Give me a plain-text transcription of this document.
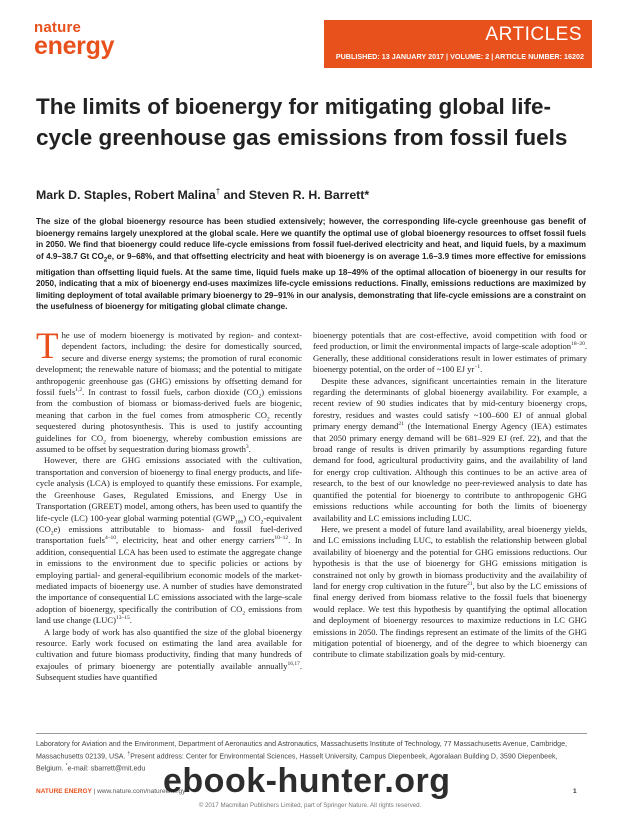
nature
energy	ARTICLES
PUBLISHED: 13 JANUARY 2017 | VOLUME: 2 | ARTICLE NUMBER: 16202
The limits of bioenergy for mitigating global life-cycle greenhouse gas emissions from fossil fuels
Mark D. Staples, Robert Malina† and Steven R. H. Barrett*
The size of the global bioenergy resource has been studied extensively; however, the corresponding life-cycle greenhouse gas benefit of bioenergy remains largely unexplored at the global scale. Here we quantify the optimal use of global bioenergy resources to offset fossil fuels in 2050. We find that bioenergy could reduce life-cycle emissions from fossil fuel-derived electricity and heat, and liquid fuels, by a maximum of 4.9–38.7 Gt $CO_2e$, or 9–68%, and that offsetting electricity and heat with bioenergy is on average 1.6–3.9 times more effective for emissions mitigation than offsetting liquid fuels. At the same time, liquid fuels make up 18–49% of the optimal allocation of bioenergy in our results for 2050, indicating that a mix of bioenergy end-uses maximizes life-cycle emissions reductions. Finally, emissions reductions are maximized by limiting deployment of total available primary bioenergy to 29–91% in our analysis, demonstrating that life-cycle emissions are a constraint on the usefulness of bioenergy for mitigating global climate change.

The use of modern bioenergy is motivated by region- and context-dependent factors, including: the desire for domestically sourced, secure and diverse energy systems; the promotion of rural economic development; the renewable nature of biomass; and the potential to mitigate anthropogenic greenhouse gas (GHG) emissions by offsetting demand for fossil fuels$^{1,2}$. In contrast to fossil fuels, carbon dioxide $(CO_2)$ emissions from the combustion of biomass or biomass-derived fuels are biogenic, meaning that carbon in the fuel comes from atmospheric $CO_2$ recently sequestered during photosynthesis. This is used to justify accounting guidelines for $CO_2$ from bioenergy, whereby combustion emissions are assumed to be offset by sequestration during biomass growth$^3$.

However, there are GHG emissions associated with the cultivation, transportation and conversion of bioenergy to final energy products, and life-cycle analysis (LCA) is employed to quantify these emissions. For example, the Greenhouse Gases, Regulated Emissions, and Energy Use in Transportation (GREET) model, among others, has been used to quantify the life-cycle (LC) 100-year global warming potential $(GWP_{100})$ $CO_2$-equivalent $(CO_2e)$ emissions attributable to biomass- and fossil fuel-derived transportation fuels$^{4-10}$, electricity, heat and other energy carriers$^{10-12}$. In addition, consequential LCA has been used to estimate the aggregate change in emissions to the environment due to specific policies or actions by employing partial- and general-equilibrium economic models of the market-mediated impacts of bioenergy use. A number of studies have demonstrated the importance of consequential LC emissions associated with the large-scale adoption of bioenergy, specifically the contribution of $CO_2$ emissions from land use change (LUC)$^{13-15}$.

A large body of work has also quantified the size of the global bioenergy resource. Early work focused on estimating the land area available for cultivation and future biomass productivity, finding that many hundreds of exajoules of primary bioenergy are potentially available annually$^{16,17}$. Subsequent studies have quantified

bioenergy potentials that are cost-effective, avoid competition with food or feed production, or limit the environmental impacts of large-scale adoption$^{18-20}$. Generally, these additional considerations result in lower estimates of primary bioenergy potential, on the order of ~100 EJ $yr^{-1}$.

Despite these advances, significant uncertainties remain in the literature regarding the determinants of global bioenergy availability. For example, a recent review of 90 studies indicates that by mid-century bioenergy crops, forestry, residues and wastes could satisfy ~100–600 EJ of annual global primary energy demand$^{21}$ (the International Energy Agency (IEA) estimates that 2050 primary energy demand will be 681–929 EJ (ref. 22), and that the broad range of results is driven primarily by assumptions regarding future demand for food, agricultural productivity gains, and the availability of land for energy crop cultivation. Although this continues to be an active area of research, to the best of our knowledge no peer-reviewed analysis to date has quantified the potential for bioenergy to contribute to anthropogenic GHG emissions reductions while accounting for both the limits of bioenergy availability and LC emissions including LUC.

Here, we present a model of future land availability, areal bioenergy yields, and LC emissions including LUC, to establish the relationship between global availability of bioenergy and the potential for GHG emissions reductions. Our hypothesis is that the use of bioenergy for GHG emissions mitigation is constrained not only by growth in biomass productivity and the availability of land for energy crop cultivation in the future$^{21}$, but also by the LC emissions of final energy derived from biomass relative to the fossil fuels that bioenergy would replace. We test this hypothesis by quantifying the optimal allocation and deployment of bioenergy resources to maximize reductions in LC GHG emissions in 2050. The findings represent an estimate of the limits of the GHG mitigation potential of bioenergy, and of the degree to which bioenergy can contribute to climate stabilization goals by mid-century.

Laboratory for Aviation and the Environment, Department of Aeronautics and Astronautics, Massachusetts Institute of Technology, 77 Massachusetts Avenue, Cambridge, Massachusetts 02139, USA. †Present address: Center for Environmental Sciences, Hasselt University, Campus Diepenbeek, Agoralaan Building D, 3590 Diepenbeek, Belgium. *e-mail: sbarrett@mit.edu
NATURE ENERGY | www.nature.com/natureenergy	1
© 2017 Macmillan Publishers Limited, part of Springer Nature. All rights reserved.
ebook-hunter.org
